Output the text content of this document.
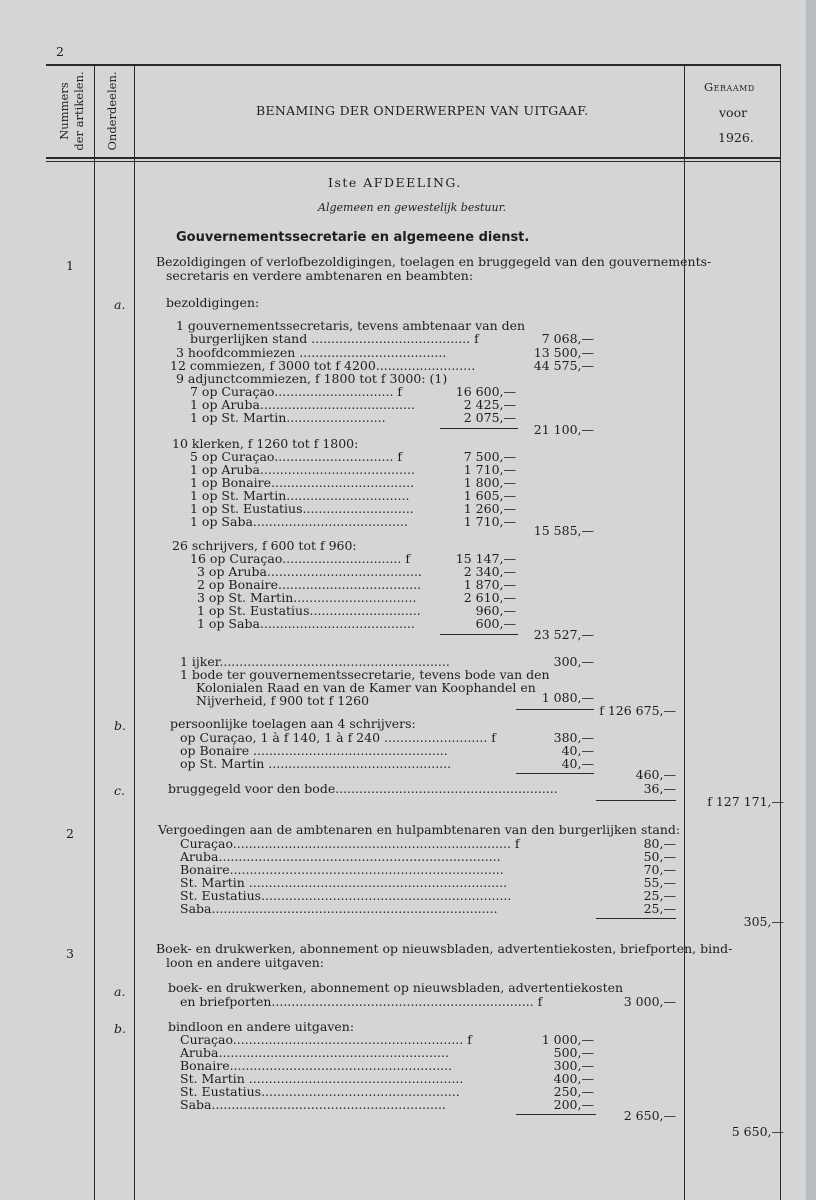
2
Nummers der artikelen. Onderdeelen.	BENAMING DER ONDERWERPEN VAN UITGAAF.
Geraamd
voor
1926.
Iste AFDEELING.
Algemeen en gewestelijk bestuur.
Gouvernementssecretarie en algemeene dienst.
1	Bezoldigingen of verlofbezoldigingen, toelagen en bruggegeld van den gouvernements-
secretaris en verdere ambtenaren en beambten:
a.	bezoldigingen:
1 gouvernementssecretaris, tevens ambtenaar van den
burgerlijken stand ........................................ f	7 068,—
3 hoofdcommiezen .....................................	13 500,—
12 commiezen, f 3000 tot f 4200.........................	44 575,—
9 adjunctcommiezen, f 1800 tot f 3000: (1)
7 op Curaçao.............................. f	16 600,—
1 op Aruba.......................................	2 425,—
1 op St. Martin.........................	2 075,—
21 100,—
10 klerken, f 1260 tot f 1800:
5 op Curaçao.............................. f	7 500,—
1 op Aruba.......................................	1 710,—
1 op Bonaire....................................	1 800,—
1 op St. Martin...............................	1 605,—
1 op St. Eustatius............................	1 260,—
1 op Saba.......................................	1 710,—
15 585,—
26 schrijvers, f 600 tot f 960:
16 op Curaçao.............................. f	15 147,—
3 op Aruba.......................................	2 340,—
2 op Bonaire....................................	1 870,—
3 op St. Martin...............................	2 610,—
1 op St. Eustatius............................	960,—
1 op Saba.......................................	600,—
23 527,—
1 ijker..........................................................	300,—
1 bode ter gouvernementssecretarie, tevens bode van den
Kolonialen Raad en van de Kamer van Koophandel en
Nijverheid, f 900 tot f 1260	1 080,—
f 126 675,—
b.	persoonlijke toelagen aan 4 schrijvers:
op Curaçao, 1 à f 140, 1 à f 240 .......................... f	380,—
op Bonaire .................................................	40,—
op St. Martin ..............................................	40,—
460,—
c.	bruggegeld voor den bode........................................................	36,—
f 127 171,—
2	Vergoedingen aan de ambtenaren en hulpambtenaren van den burgerlijken stand:
Curaçao...................................................................... f	80,—
Aruba.......................................................................	50,—
Bonaire.....................................................................	70,—
St. Martin .................................................................	55,—
St. Eustatius...............................................................	25,—
Saba........................................................................	25,—
305,—
3	Boek- en drukwerken, abonnement op nieuwsbladen, advertentiekosten, briefporten, bind-
loon en andere uitgaven:
a.	boek- en drukwerken, abonnement op nieuwsbladen, advertentiekosten
en briefporten.................................................................. f	3 000,—
b.	bindloon en andere uitgaven:
Curaçao.......................................................... f	1 000,—
Aruba..........................................................	500,—
Bonaire........................................................	300,—
St. Martin ......................................................	400,—
St. Eustatius..................................................	250,—
Saba...........................................................	200,—
2 650,—
5 650,—
